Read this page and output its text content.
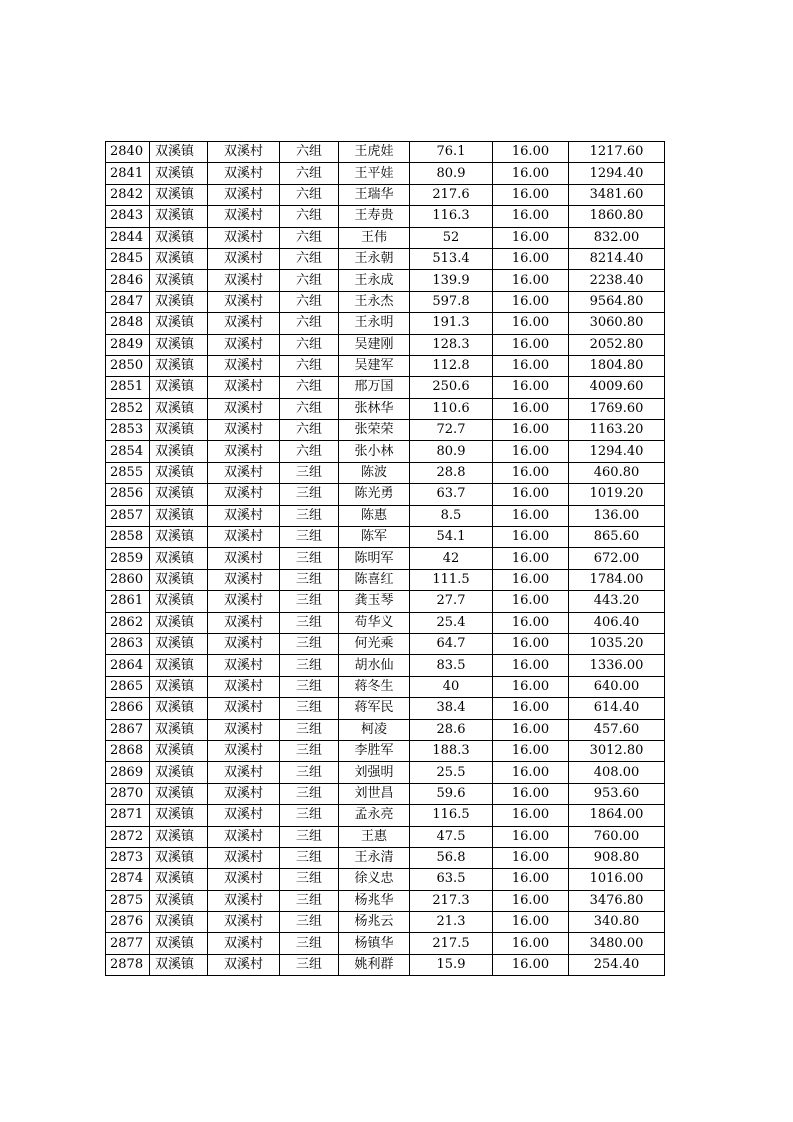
2840	双溪镇	双溪村	六组	王虎娃	76.1	16.00	1217.60
2841	双溪镇	双溪村	六组	王平娃	80.9	16.00	1294.40
2842	双溪镇	双溪村	六组	王瑞华	217.6	16.00	3481.60
2843	双溪镇	双溪村	六组	王寿贵	116.3	16.00	1860.80
2844	双溪镇	双溪村	六组	王伟	52	16.00	832.00
2845	双溪镇	双溪村	六组	王永朝	513.4	16.00	8214.40
2846	双溪镇	双溪村	六组	王永成	139.9	16.00	2238.40
2847	双溪镇	双溪村	六组	王永杰	597.8	16.00	9564.80
2848	双溪镇	双溪村	六组	王永明	191.3	16.00	3060.80
2849	双溪镇	双溪村	六组	吴建刚	128.3	16.00	2052.80
2850	双溪镇	双溪村	六组	吴建军	112.8	16.00	1804.80
2851	双溪镇	双溪村	六组	邢万国	250.6	16.00	4009.60
2852	双溪镇	双溪村	六组	张林华	110.6	16.00	1769.60
2853	双溪镇	双溪村	六组	张荣荣	72.7	16.00	1163.20
2854	双溪镇	双溪村	六组	张小林	80.9	16.00	1294.40
2855	双溪镇	双溪村	三组	陈波	28.8	16.00	460.80
2856	双溪镇	双溪村	三组	陈光勇	63.7	16.00	1019.20
2857	双溪镇	双溪村	三组	陈惠	8.5	16.00	136.00
2858	双溪镇	双溪村	三组	陈军	54.1	16.00	865.60
2859	双溪镇	双溪村	三组	陈明军	42	16.00	672.00
2860	双溪镇	双溪村	三组	陈喜红	111.5	16.00	1784.00
2861	双溪镇	双溪村	三组	龚玉琴	27.7	16.00	443.20
2862	双溪镇	双溪村	三组	苟华义	25.4	16.00	406.40
2863	双溪镇	双溪村	三组	何光乘	64.7	16.00	1035.20
2864	双溪镇	双溪村	三组	胡水仙	83.5	16.00	1336.00
2865	双溪镇	双溪村	三组	蒋冬生	40	16.00	640.00
2866	双溪镇	双溪村	三组	蒋军民	38.4	16.00	614.40
2867	双溪镇	双溪村	三组	柯凌	28.6	16.00	457.60
2868	双溪镇	双溪村	三组	李胜军	188.3	16.00	3012.80
2869	双溪镇	双溪村	三组	刘强明	25.5	16.00	408.00
2870	双溪镇	双溪村	三组	刘世昌	59.6	16.00	953.60
2871	双溪镇	双溪村	三组	孟永亮	116.5	16.00	1864.00
2872	双溪镇	双溪村	三组	王惠	47.5	16.00	760.00
2873	双溪镇	双溪村	三组	王永清	56.8	16.00	908.80
2874	双溪镇	双溪村	三组	徐义忠	63.5	16.00	1016.00
2875	双溪镇	双溪村	三组	杨兆华	217.3	16.00	3476.80
2876	双溪镇	双溪村	三组	杨兆云	21.3	16.00	340.80
2877	双溪镇	双溪村	三组	杨镇华	217.5	16.00	3480.00
2878	双溪镇	双溪村	三组	姚利群	15.9	16.00	254.40
